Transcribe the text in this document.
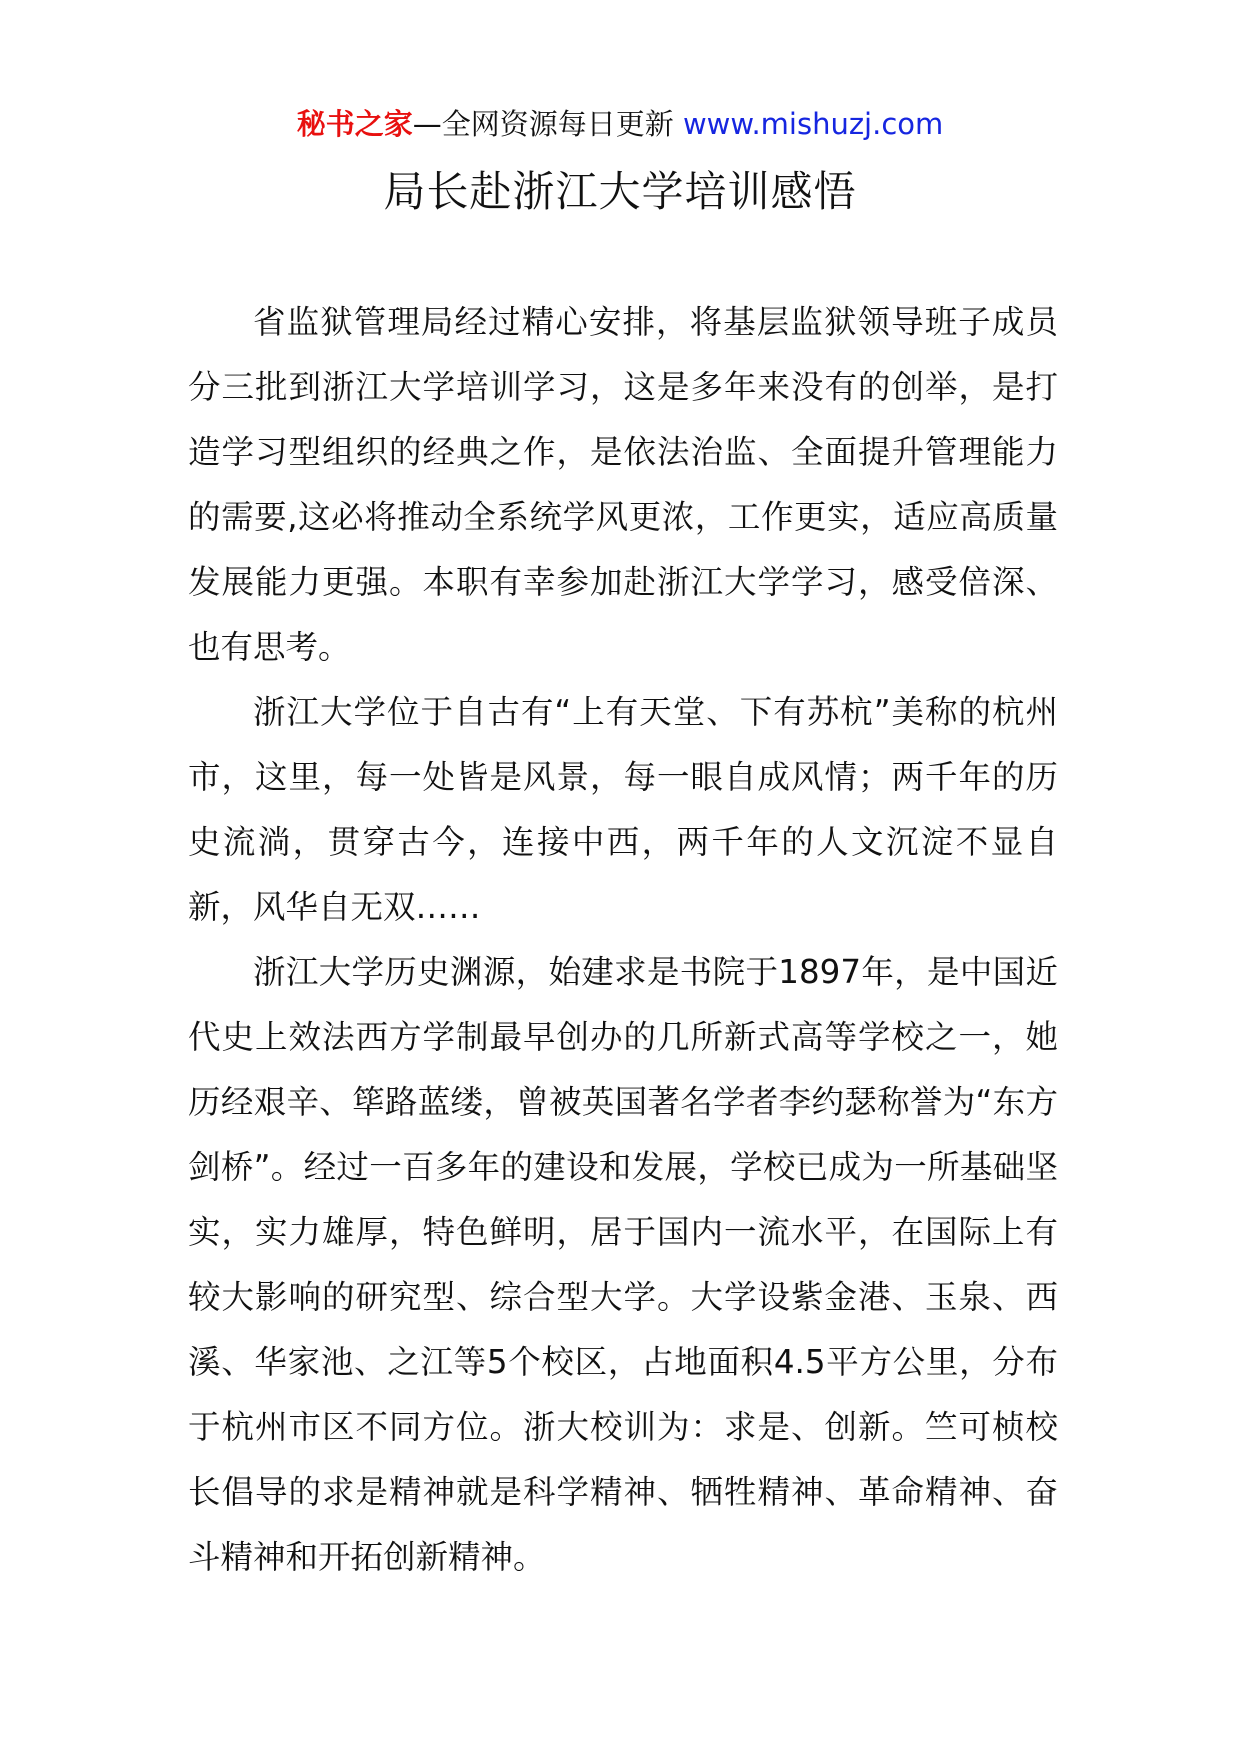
秘书之家—全网资源每日更新 www.mishuzj.com
局长赴浙江大学培训感悟

省监狱管理局经过精心安排，将基层监狱领导班子成员分三批到浙江大学培训学习，这是多年来没有的创举，是打造学习型组织的经典之作，是依法治监、全面提升管理能力的需要,这必将推动全系统学风更浓，工作更实，适应高质量发展能力更强。本职有幸参加赴浙江大学学习，感受倍深、也有思考。

浙江大学位于自古有“上有天堂、下有苏杭”美称的杭州市，这里，每一处皆是风景，每一眼自成风情；两千年的历史流淌，贯穿古今，连接中西，两千年的人文沉淀不显自新，风华自无双……

浙江大学历史渊源，始建求是书院于1897年，是中国近代史上效法西方学制最早创办的几所新式高等学校之一，她历经艰辛、筚路蓝缕，曾被英国著名学者李约瑟称誉为“东方剑桥”。经过一百多年的建设和发展，学校已成为一所基础坚实，实力雄厚，特色鲜明，居于国内一流水平，在国际上有较大影响的研究型、综合型大学。大学设紫金港、玉泉、西溪、华家池、之江等5个校区，占地面积4.5平方公里，分布于杭州市区不同方位。浙大校训为：求是、创新。竺可桢校长倡导的求是精神就是科学精神、牺牲精神、革命精神、奋斗精神和开拓创新精神。
